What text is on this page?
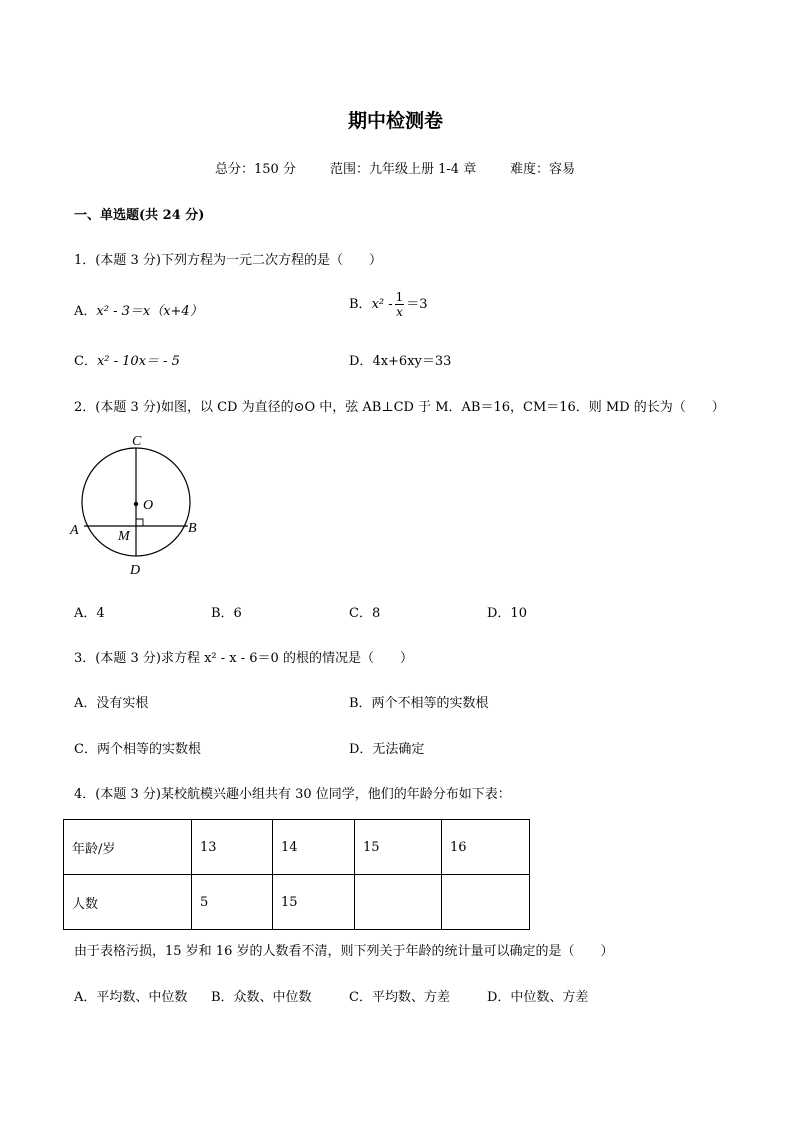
期中检测卷
总分：150 分	范围：九年级上册 1-4 章	难度：容易
一、单选题(共 24 分)
1．(本题 3 分)下列方程为一元二次方程的是（　　）
A．x² - 3＝x（x+4）	B．$x^2 - \frac{1}{x} =3$
C．x² - 10x＝ - 5	D．4x+6xy＝33
2．(本题 3 分)如图，以 CD 为直径的⊙O 中，弦 AB⊥CD 于 M．AB＝16，CM＝16．则 MD 的长为（　　）
C
O
A	B
M
D
A．4	B．6	C．8	D．10
3．(本题 3 分)求方程 x² - x - 6＝0 的根的情况是（　　）
A．没有实根	B．两个不相等的实数根
C．两个相等的实数根	D．无法确定
4．(本题 3 分)某校航模兴趣小组共有 30 位同学，他们的年龄分布如下表：
年龄/岁	13	14	15	16
人数	5	15		
由于表格污损，15 岁和 16 岁的人数看不清，则下列关于年龄的统计量可以确定的是（　　）
A．平均数、中位数 B．众数、中位数	C．平均数、方差	D．中位数、方差
